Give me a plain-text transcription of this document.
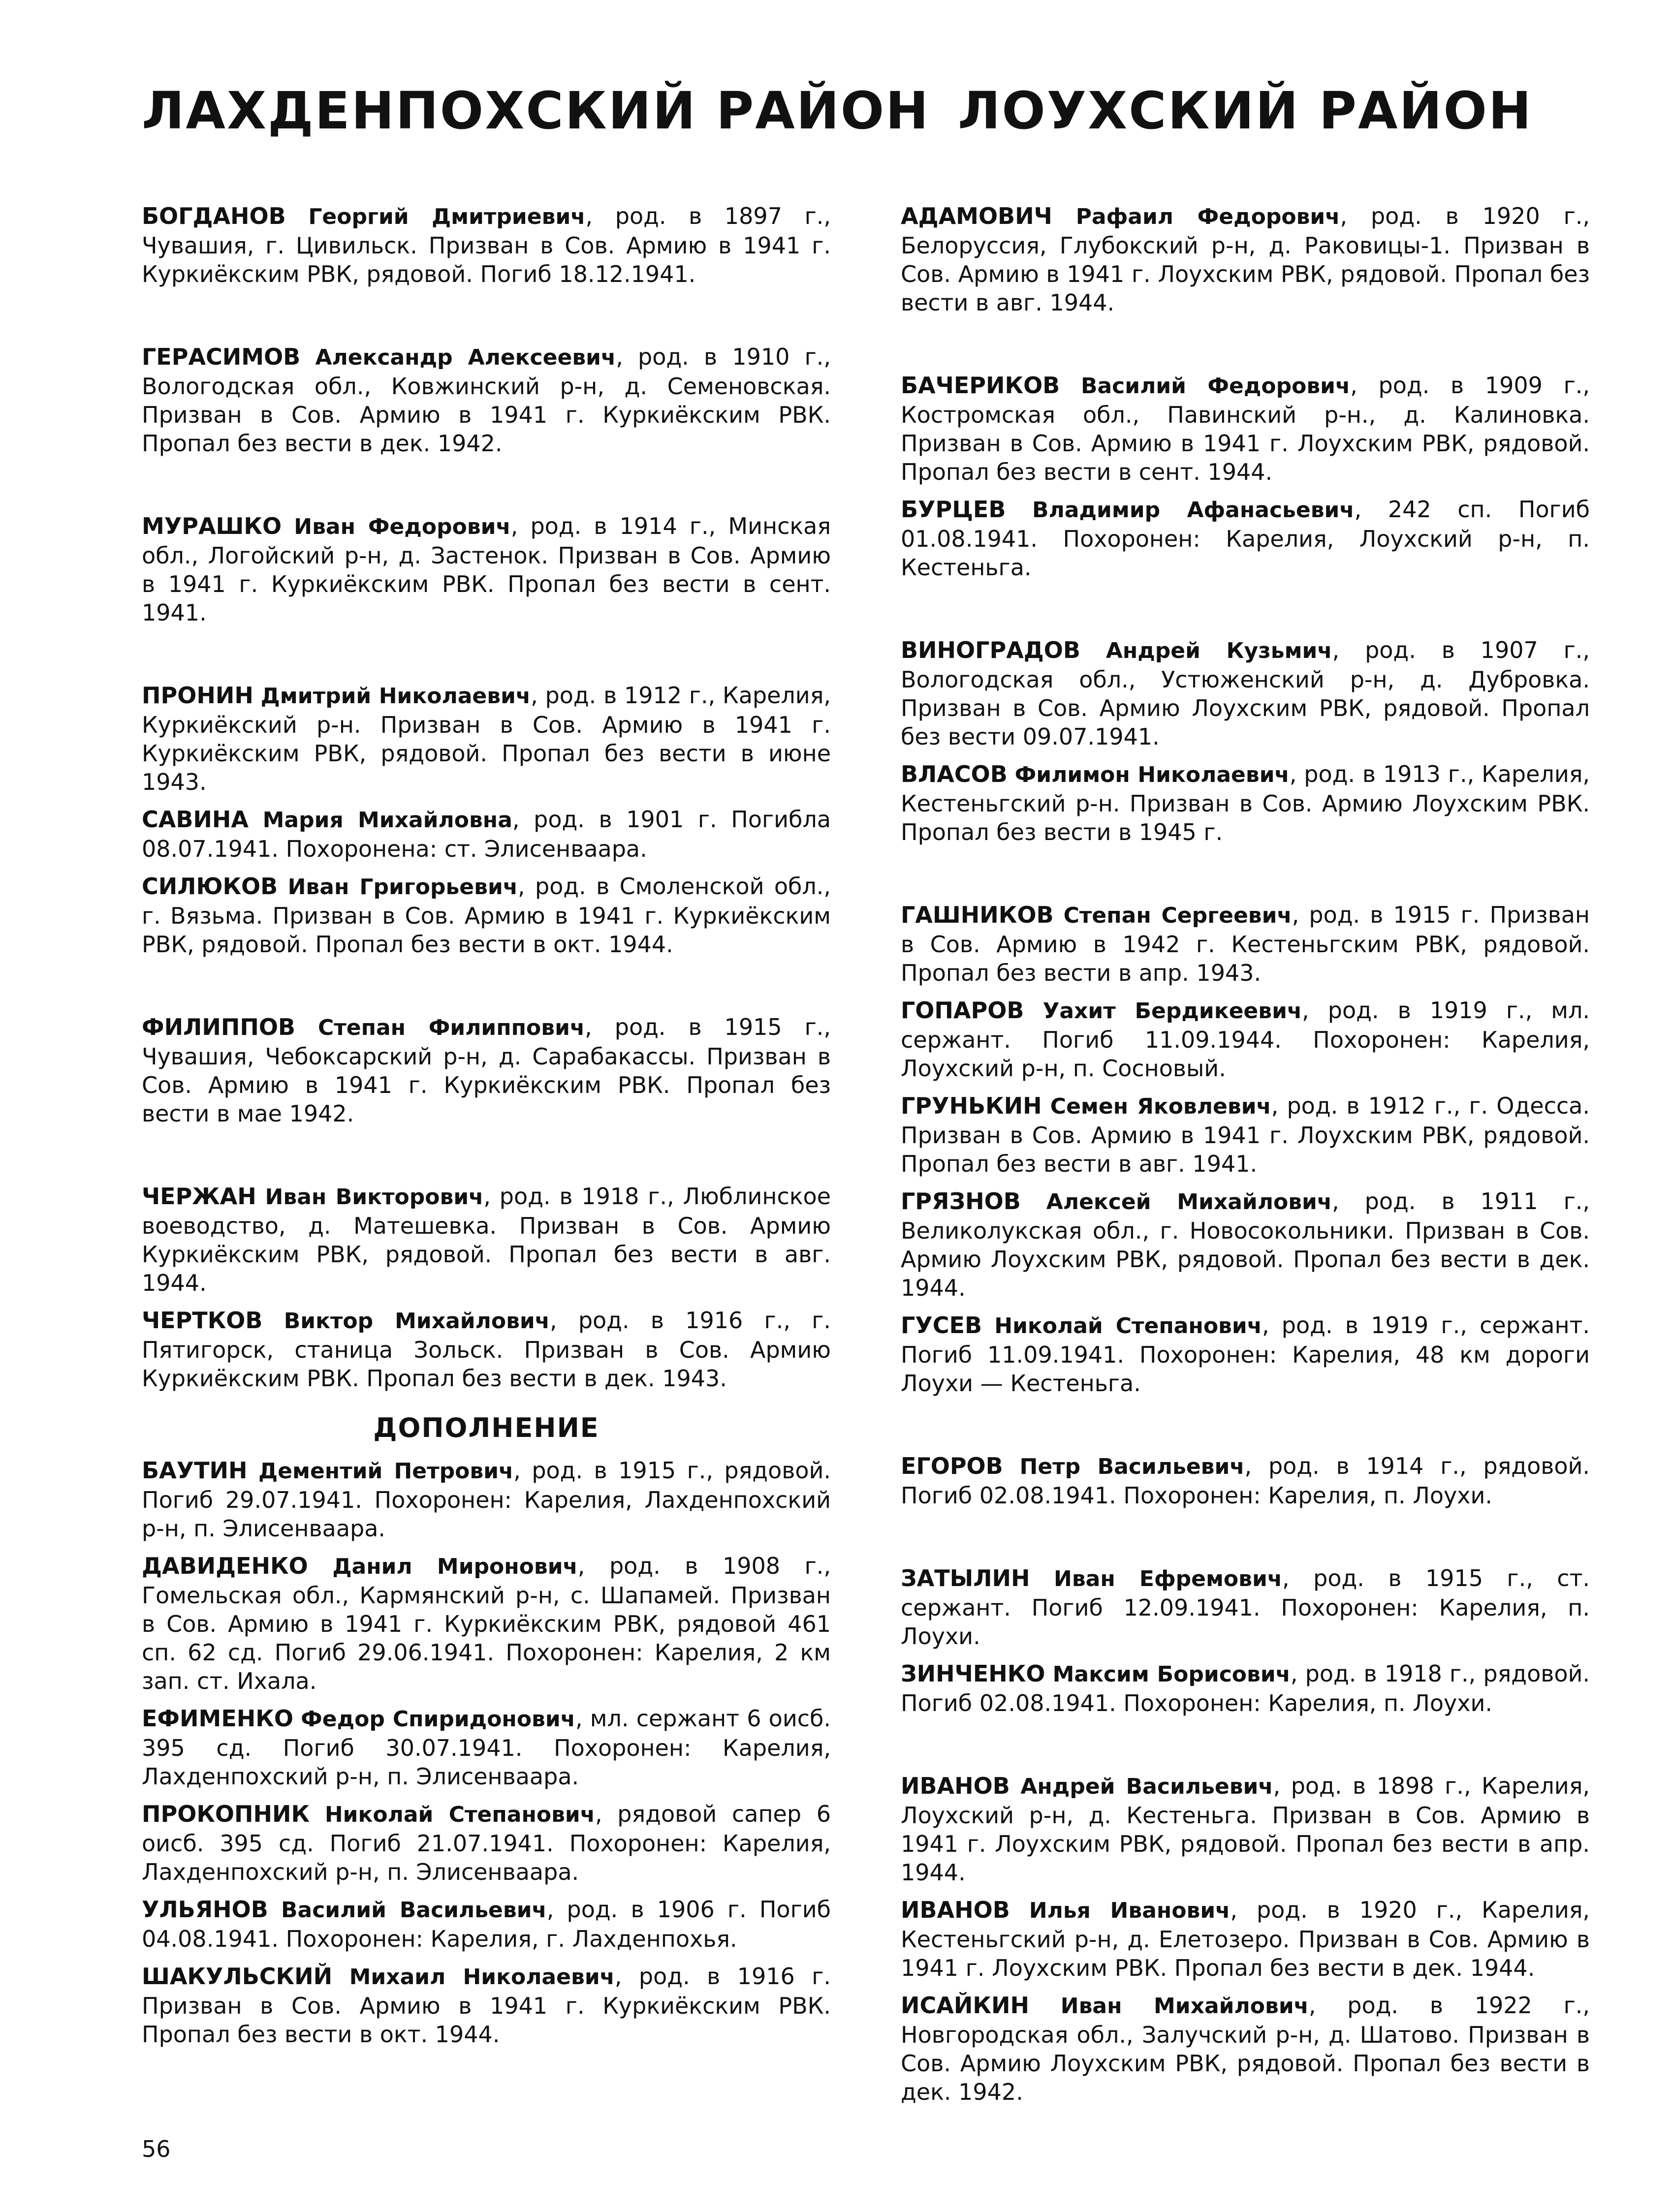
ЛАХДЕНПОХСКИЙ РАЙОН

БОГДАНОВ Георгий Дмитриевич, род. в 1897 г., Чувашия, г. Цивильск. Призван в Сов. Армию в 1941 г. Куркиёкским РВК, рядовой. Погиб 18.12.1941.

ГЕРАСИМОВ Александр Алексеевич, род. в 1910 г., Вологодская обл., Ковжинский р-н, д. Семеновская. Призван в Сов. Армию в 1941 г. Куркиёкским РВК. Пропал без вести в дек. 1942.

МУРАШКО Иван Федорович, род. в 1914 г., Минская обл., Логойский р-н, д. Застенок. Призван в Сов. Армию в 1941 г. Куркиёкским РВК. Пропал без вести в сент. 1941.

ПРОНИН Дмитрий Николаевич, род. в 1912 г., Карелия, Куркиёкский р-н. Призван в Сов. Армию в 1941 г. Куркиёкским РВК, рядовой. Пропал без вести в июне 1943.

САВИНА Мария Михайловна, род. в 1901 г. Погибла 08.07.1941. Похоронена: ст. Элисенваара.

СИЛЮКОВ Иван Григорьевич, род. в Смоленской обл., г. Вязьма. Призван в Сов. Армию в 1941 г. Куркиёкским РВК, рядовой. Пропал без вести в окт. 1944.

ФИЛИППОВ Степан Филиппович, род. в 1915 г., Чувашия, Чебоксарский р-н, д. Сарабакассы. Призван в Сов. Армию в 1941 г. Куркиёкским РВК. Пропал без вести в мае 1942.

ЧЕРЖАН Иван Викторович, род. в 1918 г., Люблинское воеводство, д. Матешевка. Призван в Сов. Армию Куркиёкским РВК, рядовой. Пропал без вести в авг. 1944.

ЧЕРТКОВ Виктор Михайлович, род. в 1916 г., г. Пятигорск, станица Зольск. Призван в Сов. Армию Куркиёкским РВК. Пропал без вести в дек. 1943.

ДОПОЛНЕНИЕ

БАУТИН Дементий Петрович, род. в 1915 г., рядовой. Погиб 29.07.1941. Похоронен: Карелия, Лахденпохский р-н, п. Элисенваара.

ДАВИДЕНКО Данил Миронович, род. в 1908 г., Гомельская обл., Кармянский р-н, с. Шапамей. Призван в Сов. Армию в 1941 г. Куркиёкским РВК, рядовой 461 сп. 62 сд. Погиб 29.06.1941. Похоронен: Карелия, 2 км зап. ст. Ихала.

ЕФИМЕНКО Федор Спиридонович, мл. сержант 6 оисб. 395 сд. Погиб 30.07.1941. Похоронен: Карелия, Лахденпохский р-н, п. Элисенваара.

ПРОКОПНИК Николай Степанович, рядовой сапер 6 оисб. 395 сд. Погиб 21.07.1941. Похоронен: Карелия, Лахденпохский р-н, п. Элисенваара.

УЛЬЯНОВ Василий Васильевич, род. в 1906 г. Погиб 04.08.1941. Похоронен: Карелия, г. Лахденпохья.

ШАКУЛЬСКИЙ Михаил Николаевич, род. в 1916 г. Призван в Сов. Армию в 1941 г. Куркиёкским РВК. Пропал без вести в окт. 1944.

ЛОУХСКИЙ РАЙОН

АДАМОВИЧ Рафаил Федорович, род. в 1920 г., Белоруссия, Глубокский р-н, д. Раковицы-1. Призван в Сов. Армию в 1941 г. Лоухским РВК, рядовой. Пропал без вести в авг. 1944.

БАЧЕРИКОВ Василий Федорович, род. в 1909 г., Костромская обл., Павинский р-н., д. Калиновка. Призван в Сов. Армию в 1941 г. Лоухским РВК, рядовой. Пропал без вести в сент. 1944.

БУРЦЕВ Владимир Афанасьевич, 242 сп. Погиб 01.08.1941. Похоронен: Карелия, Лоухский р-н, п. Кестеньга.

ВИНОГРАДОВ Андрей Кузьмич, род. в 1907 г., Вологодская обл., Устюженский р-н, д. Дубровка. Призван в Сов. Армию Лоухским РВК, рядовой. Пропал без вести 09.07.1941.

ВЛАСОВ Филимон Николаевич, род. в 1913 г., Карелия, Кестеньгский р-н. Призван в Сов. Армию Лоухским РВК. Пропал без вести в 1945 г.

ГАШНИКОВ Степан Сергеевич, род. в 1915 г. Призван в Сов. Армию в 1942 г. Кестеньгским РВК, рядовой. Пропал без вести в апр. 1943.

ГОПАРОВ Уахит Бердикеевич, род. в 1919 г., мл. сержант. Погиб 11.09.1944. Похоронен: Карелия, Лоухский р-н, п. Сосновый.

ГРУНЬКИН Семен Яковлевич, род. в 1912 г., г. Одесса. Призван в Сов. Армию в 1941 г. Лоухским РВК, рядовой. Пропал без вести в авг. 1941.

ГРЯЗНОВ Алексей Михайлович, род. в 1911 г., Великолукская обл., г. Новосокольники. Призван в Сов. Армию Лоухским РВК, рядовой. Пропал без вести в дек. 1944.

ГУСЕВ Николай Степанович, род. в 1919 г., сержант. Погиб 11.09.1941. Похоронен: Карелия, 48 км дороги Лоухи — Кестеньга.

ЕГОРОВ Петр Васильевич, род. в 1914 г., рядовой. Погиб 02.08.1941. Похоронен: Карелия, п. Лоухи.

ЗАТЫЛИН Иван Ефремович, род. в 1915 г., ст. сержант. Погиб 12.09.1941. Похоронен: Карелия, п. Лоухи.

ЗИНЧЕНКО Максим Борисович, род. в 1918 г., рядовой. Погиб 02.08.1941. Похоронен: Карелия, п. Лоухи.

ИВАНОВ Андрей Васильевич, род. в 1898 г., Карелия, Лоухский р-н, д. Кестеньга. Призван в Сов. Армию в 1941 г. Лоухским РВК, рядовой. Пропал без вести в апр. 1944.

ИВАНОВ Илья Иванович, род. в 1920 г., Карелия, Кестеньгский р-н, д. Елетозеро. Призван в Сов. Армию в 1941 г. Лоухским РВК. Пропал без вести в дек. 1944.

ИСАЙКИН Иван Михайлович, род. в 1922 г., Новгородская обл., Залучский р-н, д. Шатово. Призван в Сов. Армию Лоухским РВК, рядовой. Пропал без вести в дек. 1942.

56
